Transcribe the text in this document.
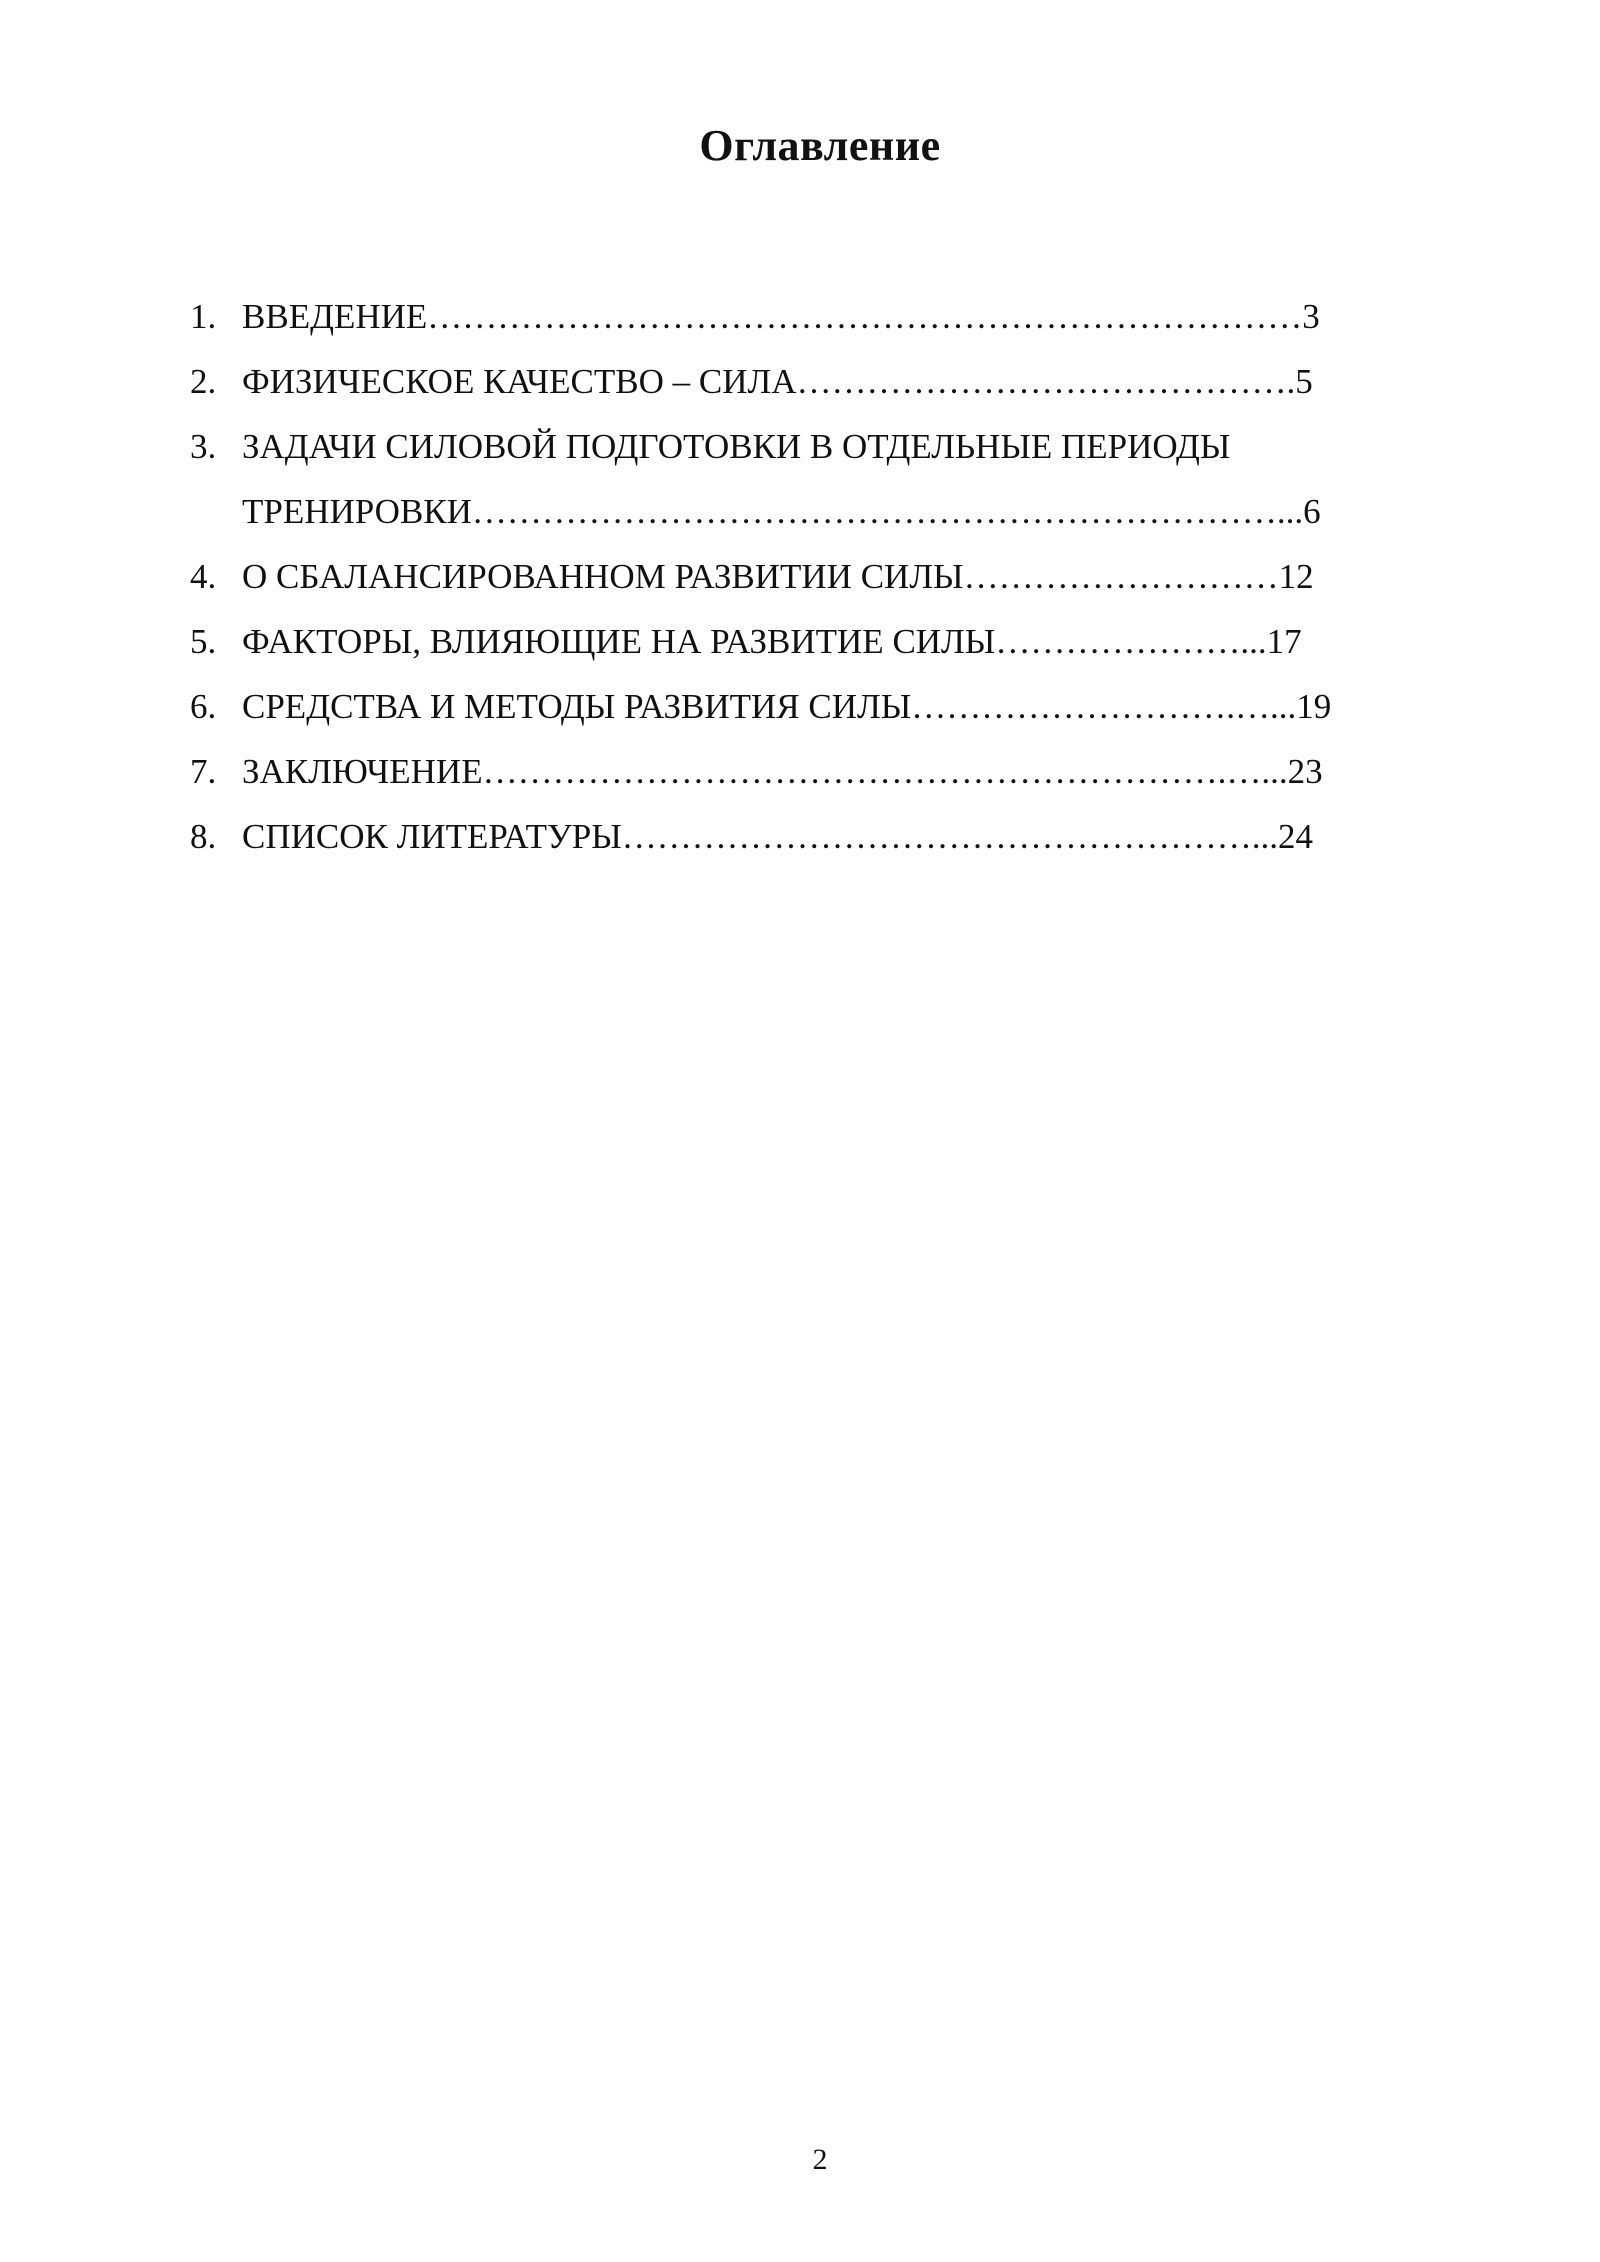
Оглавление
1. ВВЕДЕНИЕ…………………………………………………………………3
2. ФИЗИЧЕСКОЕ КАЧЕСТВО – СИЛА…………………………………….5
3. ЗАДАЧИ СИЛОВОЙ ПОДГОТОВКИ В ОТДЕЛЬНЫЕ ПЕРИОДЫ
ТРЕНИРОВКИ……………………………………………………………...6
4. О СБАЛАНСИРОВАННОМ РАЗВИТИИ СИЛЫ………………………12
5. ФАКТОРЫ, ВЛИЯЮЩИЕ НА РАЗВИТИЕ СИЛЫ…………………...17
6. СРЕДСТВА И МЕТОДЫ РАЗВИТИЯ СИЛЫ……………………….…...19
7. ЗАКЛЮЧЕНИЕ……………………………………………………….…...23
8. СПИСОК ЛИТЕРАТУРЫ………………………………………………...24
2
